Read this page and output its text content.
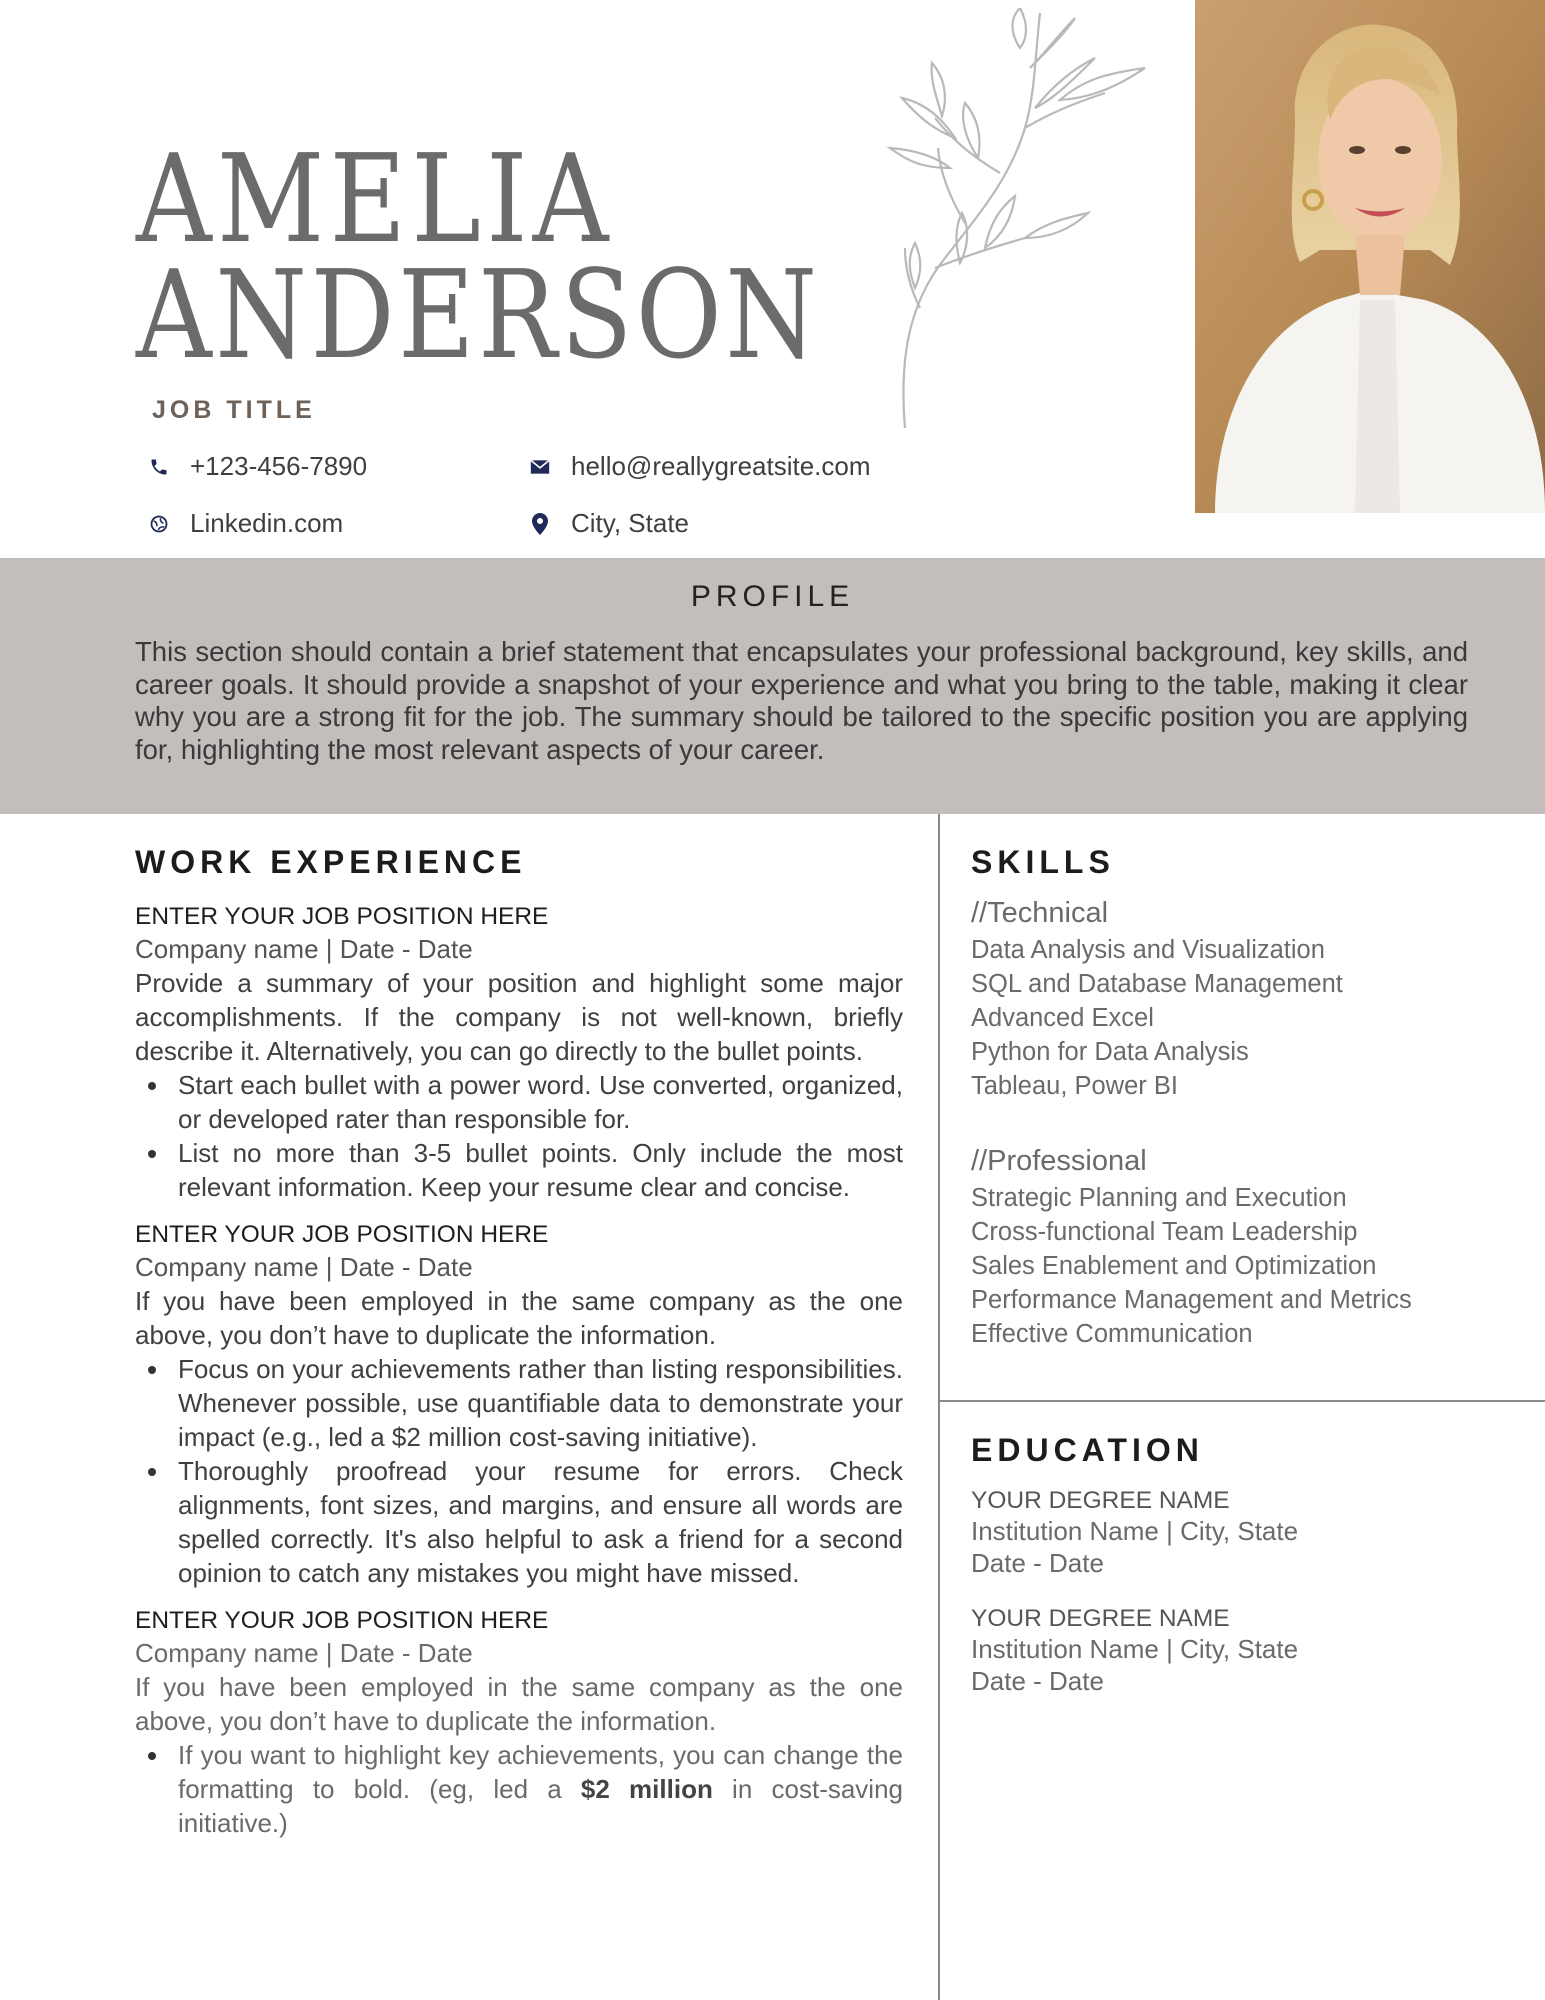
AMELIA
ANDERSON
JOB TITLE
+123-456-7890	hello@reallygreatsite.com
Linkedin.com	City, State
PROFILE
This section should contain a brief statement that encapsulates your professional background, key skills, and career goals. It should provide a snapshot of your experience and what you bring to the table, making it clear why you are a strong fit for the job. The summary should be tailored to the specific position you are applying for, highlighting the most relevant aspects of your career.
WORK EXPERIENCE
ENTER YOUR JOB POSITION HERE
Company name | Date - Date
Provide a summary of your position and highlight some major accomplishments. If the company is not well-known, briefly describe it. Alternatively, you can go directly to the bullet points.
Start each bullet with a power word. Use converted, organized, or developed rater than responsible for.
List no more than 3-5 bullet points. Only include the most relevant information. Keep your resume clear and concise.
ENTER YOUR JOB POSITION HERE
Company name | Date - Date
If you have been employed in the same company as the one above, you don’t have to duplicate the information.
Focus on your achievements rather than listing responsibilities. Whenever possible, use quantifiable data to demonstrate your impact (e.g., led a $2 million cost-saving initiative).
Thoroughly proofread your resume for errors. Check alignments, font sizes, and margins, and ensure all words are spelled correctly. It's also helpful to ask a friend for a second opinion to catch any mistakes you might have missed.
ENTER YOUR JOB POSITION HERE
Company name | Date - Date
If you have been employed in the same company as the one above, you don’t have to duplicate the information.
If you want to highlight key achievements, you can change the formatting to bold. (eg, led a $2 million in cost-saving initiative.)
SKILLS
//Technical
Data Analysis and Visualization
SQL and Database Management
Advanced Excel
Python for Data Analysis
Tableau, Power BI
//Professional
Strategic Planning and Execution
Cross-functional Team Leadership
Sales Enablement and Optimization
Performance Management and Metrics
Effective Communication
EDUCATION
YOUR DEGREE NAME
Institution Name | City, State
Date - Date
YOUR DEGREE NAME
Institution Name | City, State
Date - Date
